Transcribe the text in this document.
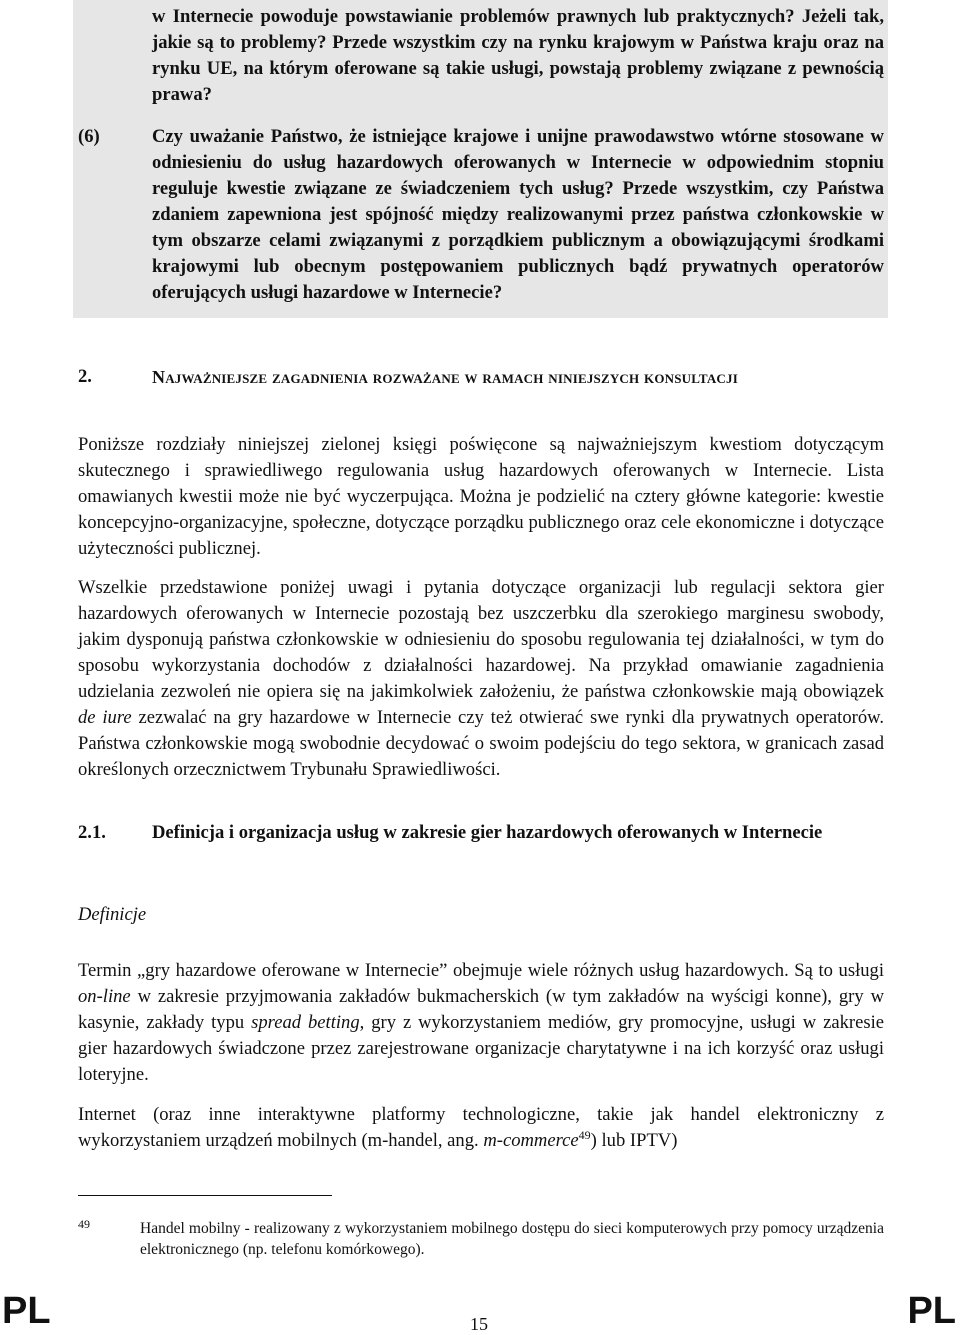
w Internecie powoduje powstawianie problemów prawnych lub praktycznych? Jeżeli tak, jakie są to problemy? Przede wszystkim czy na rynku krajowym w Państwa kraju oraz na rynku UE, na którym oferowane są takie usługi, powstają problemy związane z pewnością prawa?
(6)	Czy uważanie Państwo, że istniejące krajowe i unijne prawodawstwo wtórne stosowane w odniesieniu do usług hazardowych oferowanych w Internecie w odpowiednim stopniu reguluje kwestie związane ze świadczeniem tych usług? Przede wszystkim, czy Państwa zdaniem zapewniona jest spójność między realizowanymi przez państwa członkowskie w tym obszarze celami związanymi z porządkiem publicznym a obowiązującymi środkami krajowymi lub obecnym postępowaniem publicznych bądź prywatnych operatorów oferujących usługi hazardowe w Internecie?
2.	Najważniejsze zagadnienia rozważane w ramach niniejszych konsultacji
Poniższe rozdziały niniejszej zielonej księgi poświęcone są najważniejszym kwestiom dotyczącym skutecznego i sprawiedliwego regulowania usług hazardowych oferowanych w Internecie. Lista omawianych kwestii może nie być wyczerpująca. Można je podzielić na cztery główne kategorie: kwestie koncepcyjno-organizacyjne, społeczne, dotyczące porządku publicznego oraz cele ekonomiczne i dotyczące użyteczności publicznej.
Wszelkie przedstawione poniżej uwagi i pytania dotyczące organizacji lub regulacji sektora gier hazardowych oferowanych w Internecie pozostają bez uszczerbku dla szerokiego marginesu swobody, jakim dysponują państwa członkowskie w odniesieniu do sposobu regulowania tej działalności, w tym do sposobu wykorzystania dochodów z działalności hazardowej. Na przykład omawianie zagadnienia udzielania zezwoleń nie opiera się na jakimkolwiek założeniu, że państwa członkowskie mają obowiązek de iure zezwalać na gry hazardowe w Internecie czy też otwierać swe rynki dla prywatnych operatorów. Państwa członkowskie mogą swobodnie decydować o swoim podejściu do tego sektora, w granicach zasad określonych orzecznictwem Trybunału Sprawiedliwości.
2.1. Definicja i organizacja usług w zakresie gier hazardowych oferowanych w Internecie
Definicje
Termin „gry hazardowe oferowane w Internecie” obejmuje wiele różnych usług hazardowych. Są to usługi on-line w zakresie przyjmowania zakładów bukmacherskich (w tym zakładów na wyścigi konne), gry w kasynie, zakłady typu spread betting, gry z wykorzystaniem mediów, gry promocyjne, usługi w zakresie gier hazardowych świadczone przez zarejestrowane organizacje charytatywne i na ich korzyść oraz usługi loteryjne.
Internet (oraz inne interaktywne platformy technologiczne, takie jak handel elektroniczny z wykorzystaniem urządzeń mobilnych (m-handel, ang. m-commerce$^{49}$) lub IPTV)
49	Handel mobilny - realizowany z wykorzystaniem mobilnego dostępu do sieci komputerowych przy pomocy urządzenia elektronicznego (np. telefonu komórkowego).
PL	15	PL
